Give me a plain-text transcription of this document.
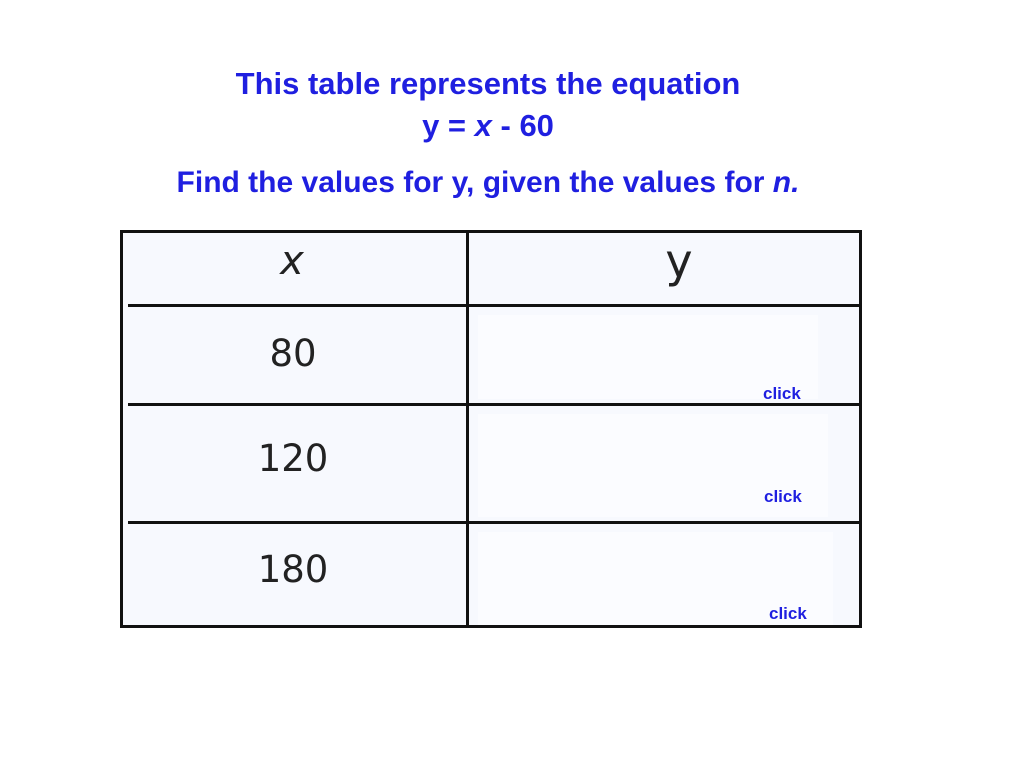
This table represents the equation
y = x - 60
Find the values for y, given the values for n.
x	y
80
120
180
click
click
click
